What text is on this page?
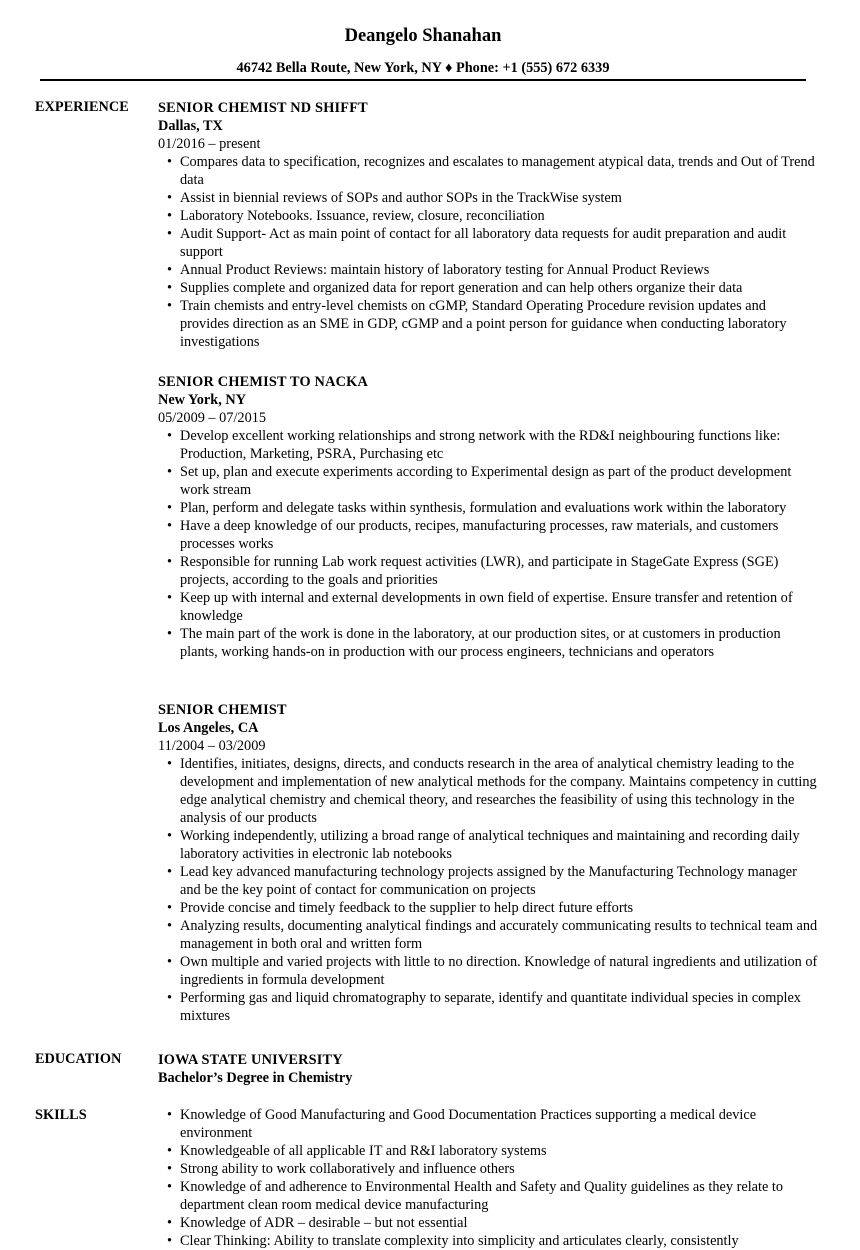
Deangelo Shanahan
46742 Bella Route, New York, NY ♦ Phone: +1 (555) 672 6339
EXPERIENCE SENIOR CHEMIST ND SHIFFT
Dallas, TX
01/2016 – present
• Compares data to specification, recognizes and escalates to management atypical data, trends and Out of Trend data
• Assist in biennial reviews of SOPs and author SOPs in the TrackWise system
• Laboratory Notebooks. Issuance, review, closure, reconciliation
• Audit Support- Act as main point of contact for all laboratory data requests for audit preparation and audit support
• Annual Product Reviews: maintain history of laboratory testing for Annual Product Reviews
• Supplies complete and organized data for report generation and can help others organize their data
• Train chemists and entry-level chemists on cGMP, Standard Operating Procedure revision updates and provides direction as an SME in GDP, cGMP and a point person for guidance when conducting laboratory investigations
SENIOR CHEMIST TO NACKA
New York, NY
05/2009 – 07/2015
• Develop excellent working relationships and strong network with the RD&I neighbouring functions like: Production, Marketing, PSRA, Purchasing etc
• Set up, plan and execute experiments according to Experimental design as part of the product development work stream
• Plan, perform and delegate tasks within synthesis, formulation and evaluations work within the laboratory
• Have a deep knowledge of our products, recipes, manufacturing processes, raw materials, and customers processes works
• Responsible for running Lab work request activities (LWR), and participate in StageGate Express (SGE) projects, according to the goals and priorities
• Keep up with internal and external developments in own field of expertise. Ensure transfer and retention of knowledge
• The main part of the work is done in the laboratory, at our production sites, or at customers in production plants, working hands-on in production with our process engineers, technicians and operators
SENIOR CHEMIST
Los Angeles, CA
11/2004 – 03/2009
• Identifies, initiates, designs, directs, and conducts research in the area of analytical chemistry leading to the development and implementation of new analytical methods for the company. Maintains competency in cutting edge analytical chemistry and chemical theory, and researches the feasibility of using this technology in the analysis of our products
• Working independently, utilizing a broad range of analytical techniques and maintaining and recording daily laboratory activities in electronic lab notebooks
• Lead key advanced manufacturing technology projects assigned by the Manufacturing Technology manager and be the key point of contact for communication on projects
• Provide concise and timely feedback to the supplier to help direct future efforts
• Analyzing results, documenting analytical findings and accurately communicating results to technical team and management in both oral and written form
• Own multiple and varied projects with little to no direction. Knowledge of natural ingredients and utilization of ingredients in formula development
• Performing gas and liquid chromatography to separate, identify and quantitate individual species in complex mixtures
EDUCATION	IOWA STATE UNIVERSITY
Bachelor’s Degree in Chemistry
SKILLS
•	Knowledge of Good Manufacturing and Good Documentation Practices supporting a medical device environment
• Knowledgeable of all applicable IT and R&I laboratory systems
• Strong ability to work collaboratively and influence others
• Knowledge of and adherence to Environmental Health and Safety and Quality guidelines as they relate to department clean room medical device manufacturing
• Knowledge of ADR – desirable – but not essential
• Clear Thinking: Ability to translate complexity into simplicity and articulates clearly, consistently
